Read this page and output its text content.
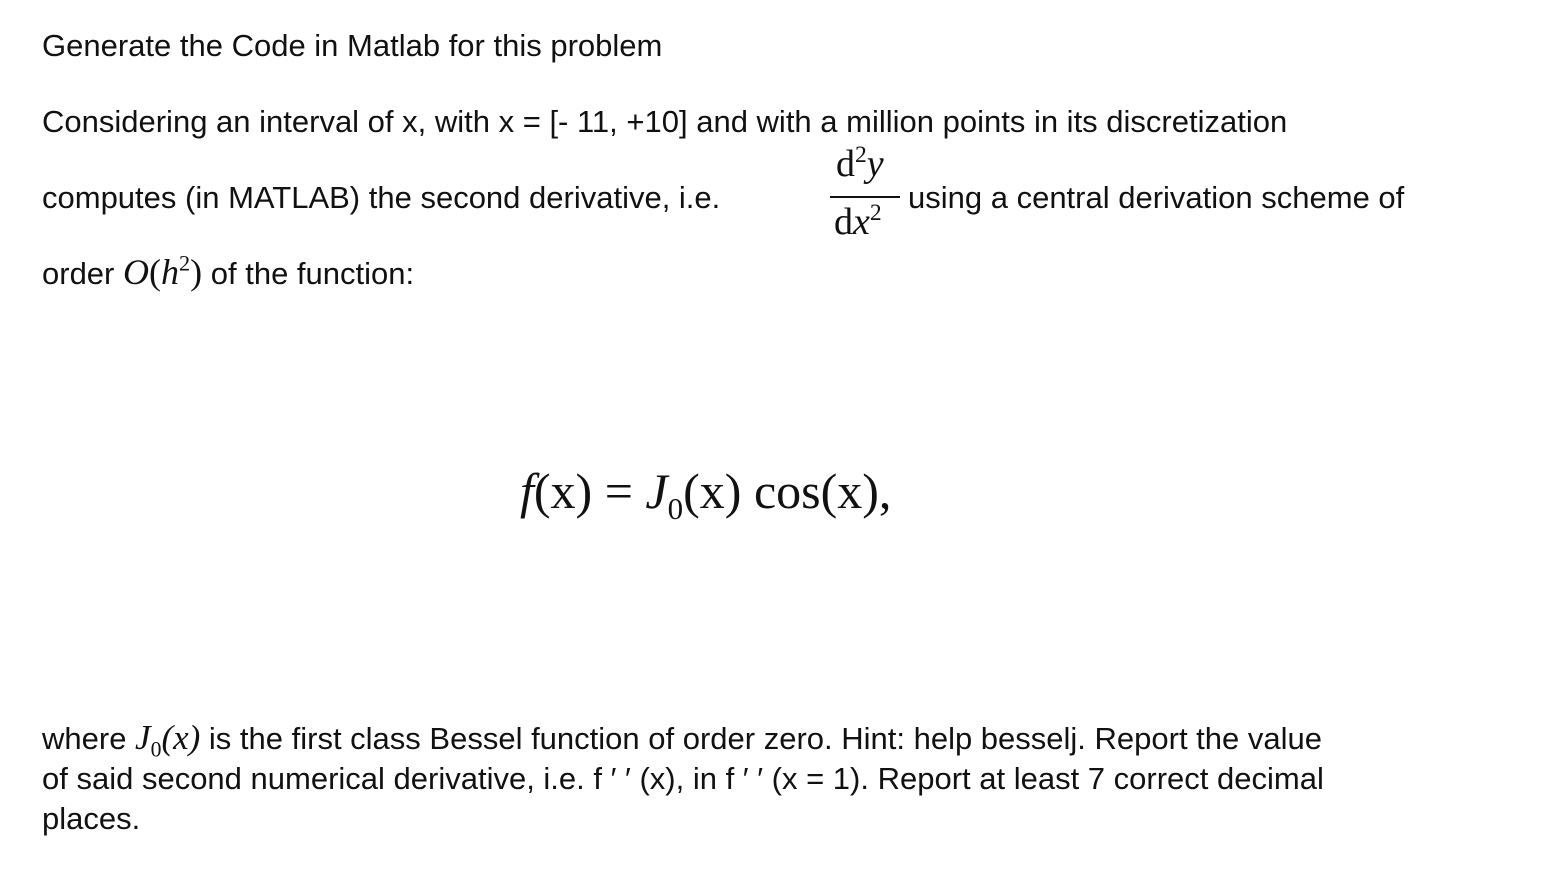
Generate the Code in Matlab for this problem
Considering an interval of x, with x = [- 11, +10] and with a million points in its discretization
computes (in MATLAB) the second derivative, i.e.
$d^2y$
$dx^2$ using a central derivation scheme of
order $O(h^2)$ of the function:
$f(x) = J_0(x)$ cos(x),
where $J_0(x)$ is the first class Bessel function of order zero. Hint: help besselj. Report the value
of said second numerical derivative, i.e. f ′ ′ (x), in f ′ ′ (x = 1). Report at least 7 correct decimal
places.
